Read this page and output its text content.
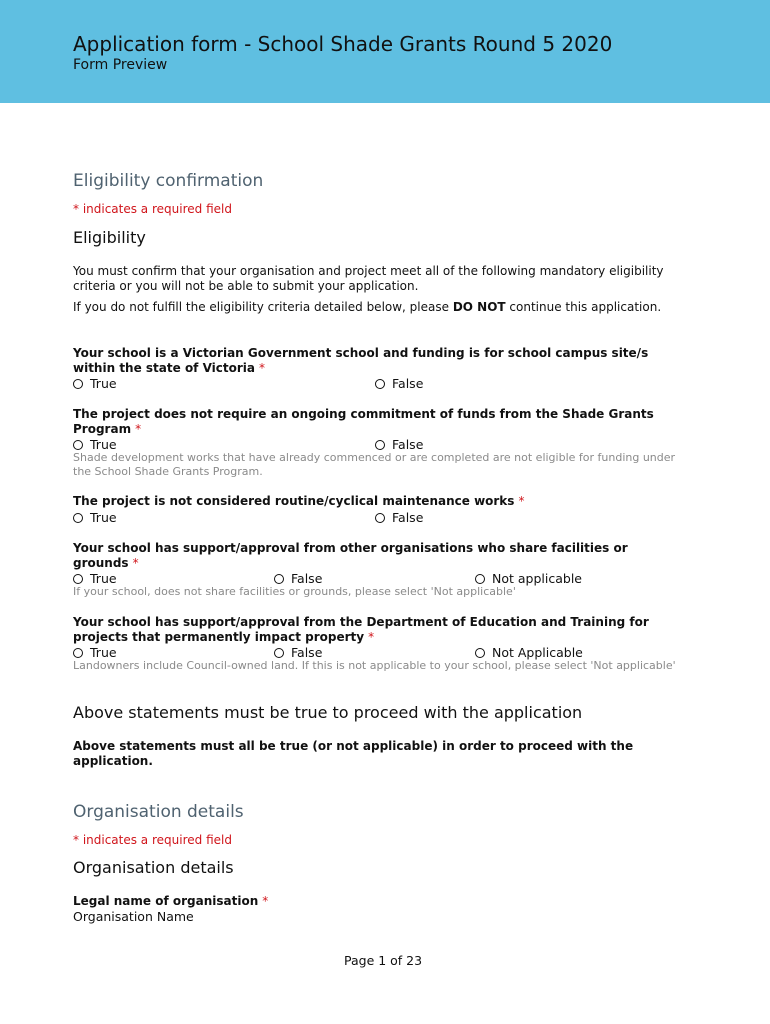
Application form - School Shade Grants Round 5 2020
Form Preview
Eligibility confirmation
* indicates a required field
Eligibility
You must confirm that your organisation and project meet all of the following mandatory eligibility criteria or you will not be able to submit your application.
If you do not fulfill the eligibility criteria detailed below, please DO NOT continue this application.
Your school is a Victorian Government school and funding is for school campus site/s within the state of Victoria *
True	False
The project does not require an ongoing commitment of funds from the Shade Grants Program *
True	False
Shade development works that have already commenced or are completed are not eligible for funding under the School Shade Grants Program.
The project is not considered routine/cyclical maintenance works *
True	False
Your school has support/approval from other organisations who share facilities or grounds *
True	False	Not applicable
If your school, does not share facilities or grounds, please select 'Not applicable'
Your school has support/approval from the Department of Education and Training for projects that permanently impact property *
True	False	Not Applicable
Landowners include Council-owned land. If this is not applicable to your school, please select 'Not applicable'
Above statements must be true to proceed with the application
Above statements must all be true (or not applicable) in order to proceed with the application.
Organisation details
* indicates a required field
Organisation details
Legal name of organisation *
Organisation Name
Page 1 of 23
